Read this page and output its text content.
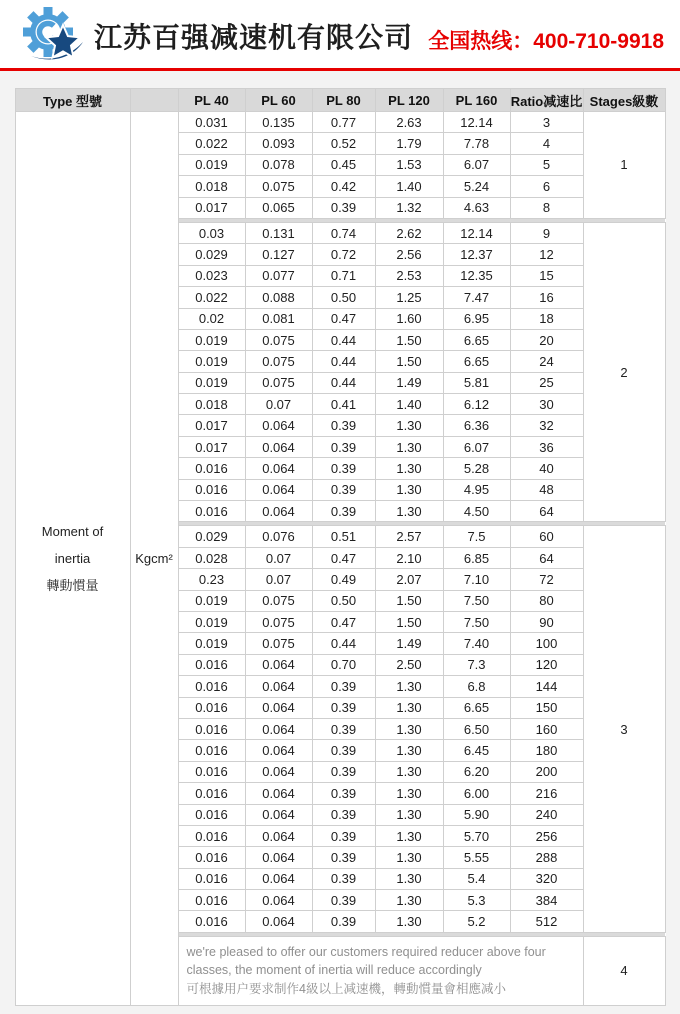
江苏百强减速机有限公司 全国热线：400-710-9918
Type 型號		PL 40	PL 60	PL 80	PL 120	PL 160	Ratio减速比	Stages級數

Moment of
inertia
轉動慣量	Kgcm²	0.031	0.135	0.77	2.63	12.14	3	1
		0.022	0.093	0.52	1.79	7.78	4	
		0.019	0.078	0.45	1.53	6.07	5	
		0.018	0.075	0.42	1.40	5.24	6	
		0.017	0.065	0.39	1.32	4.63	8	

		0.03	0.131	0.74	2.62	12.14	9	2
		0.029	0.127	0.72	2.56	12.37	12	
		0.023	0.077	0.71	2.53	12.35	15	
		0.022	0.088	0.50	1.25	7.47	16	
		0.02	0.081	0.47	1.60	6.95	18	
		0.019	0.075	0.44	1.50	6.65	20	
		0.019	0.075	0.44	1.50	6.65	24	
		0.019	0.075	0.44	1.49	5.81	25	
		0.018	0.07	0.41	1.40	6.12	30	
		0.017	0.064	0.39	1.30	6.36	32	
		0.017	0.064	0.39	1.30	6.07	36	
		0.016	0.064	0.39	1.30	5.28	40	
		0.016	0.064	0.39	1.30	4.95	48	
		0.016	0.064	0.39	1.30	4.50	64	

		0.029	0.076	0.51	2.57	7.5	60	3
		0.028	0.07	0.47	2.10	6.85	64	
		0.23	0.07	0.49	2.07	7.10	72	
		0.019	0.075	0.50	1.50	7.50	80	
		0.019	0.075	0.47	1.50	7.50	90	
		0.019	0.075	0.44	1.49	7.40	100	
		0.016	0.064	0.70	2.50	7.3	120	
		0.016	0.064	0.39	1.30	6.8	144	
		0.016	0.064	0.39	1.30	6.65	150	
		0.016	0.064	0.39	1.30	6.50	160	
		0.016	0.064	0.39	1.30	6.45	180	
		0.016	0.064	0.39	1.30	6.20	200	
		0.016	0.064	0.39	1.30	6.00	216	
		0.016	0.064	0.39	1.30	5.90	240	
		0.016	0.064	0.39	1.30	5.70	256	
		0.016	0.064	0.39	1.30	5.55	288	
		0.016	0.064	0.39	1.30	5.4	320	
		0.016	0.064	0.39	1.30	5.3	384	
		0.016	0.064	0.39	1.30	5.2	512	

		we're pleased to offer our customers required reducer above four classes, the moment of inertia will reduce accordingly
可根據用户要求制作4級以上减速機，轉動慣量會相應减小						4
